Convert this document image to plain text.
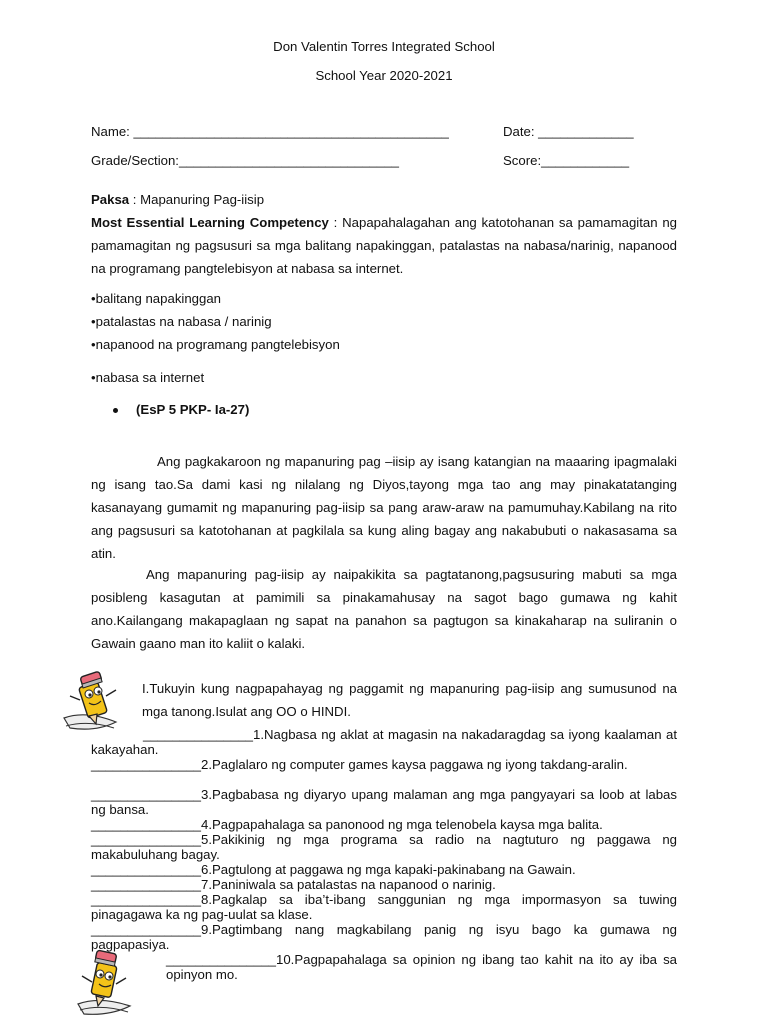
Don Valentin Torres Integrated School
School Year 2020-2021
Name: ___________________________________________	Date: _____________
Grade/Section:______________________________	Score:____________
Paksa : Mapanuring Pag-iisip
Most Essential Learning Competency : Napapahalagahan ang katotohanan sa pamamagitan ng pamamagitan ng pagsusuri sa mga balitang napakinggan, patalastas na nabasa/narinig, napanood na programang pangtelebisyon at nabasa sa internet.
•balitang napakinggan
•patalastas na nabasa / narinig
•napanood na programang pangtelebisyon
•nabasa sa internet
(EsP 5 PKP- Ia-27)
Ang pagkakaroon ng mapanuring pag –iisip ay isang katangian na maaaring ipagmalaki ng isang tao.Sa dami kasi ng nilalang ng Diyos,tayong mga tao ang may pinakatatanging kasanayang gumamit ng mapanuring pag-iisip sa pang araw-araw na pamumuhay.Kabilang na rito ang pagsusuri sa katotohanan at pagkilala sa kung aling bagay ang nakabubuti o nakasasama sa atin.
Ang mapanuring pag-iisip ay naipakikita sa pagtatanong,pagsusuring mabuti sa mga posibleng kasagutan at pamimili sa pinakamahusay na sagot bago gumawa ng kahit ano.Kailangang makapaglaan ng sapat na panahon sa pagtugon sa kinakaharap na suliranin o Gawain gaano man ito kaliit o kalaki.
I.Tukuyin kung nagpapahayag ng paggamit ng mapanuring pag-iisip ang sumusunod na mga tanong.Isulat ang OO o HINDI.
_______________1.Nagbasa ng aklat at magasin na nakadaragdag sa iyong kaalaman at kakayahan.
_______________2.Paglalaro ng computer games kaysa paggawa ng iyong takdang-aralin.
_______________3.Pagbabasa ng diyaryo upang malaman ang mga pangyayari sa loob at labas ng bansa.
_______________4.Pagpapahalaga sa panonood ng mga telenobela kaysa mga balita.
_______________5.Pakikinig ng mga programa sa radio na nagtuturo ng paggawa ng makabuluhang bagay.
_______________6.Pagtulong at paggawa ng mga kapaki-pakinabang na Gawain.
_______________7.Paniniwala sa patalastas na napanood o narinig.
_______________8.Pagkalap sa iba’t-ibang sanggunian ng mga impormasyon sa tuwing pinagagawa ka ng pag-uulat sa klase.
_______________9.Pagtimbang nang magkabilang panig ng isyu bago ka gumawa ng pagpapasiya.
_______________10.Pagpapahalaga sa opinion ng ibang tao kahit na ito ay iba sa opinyon mo.
